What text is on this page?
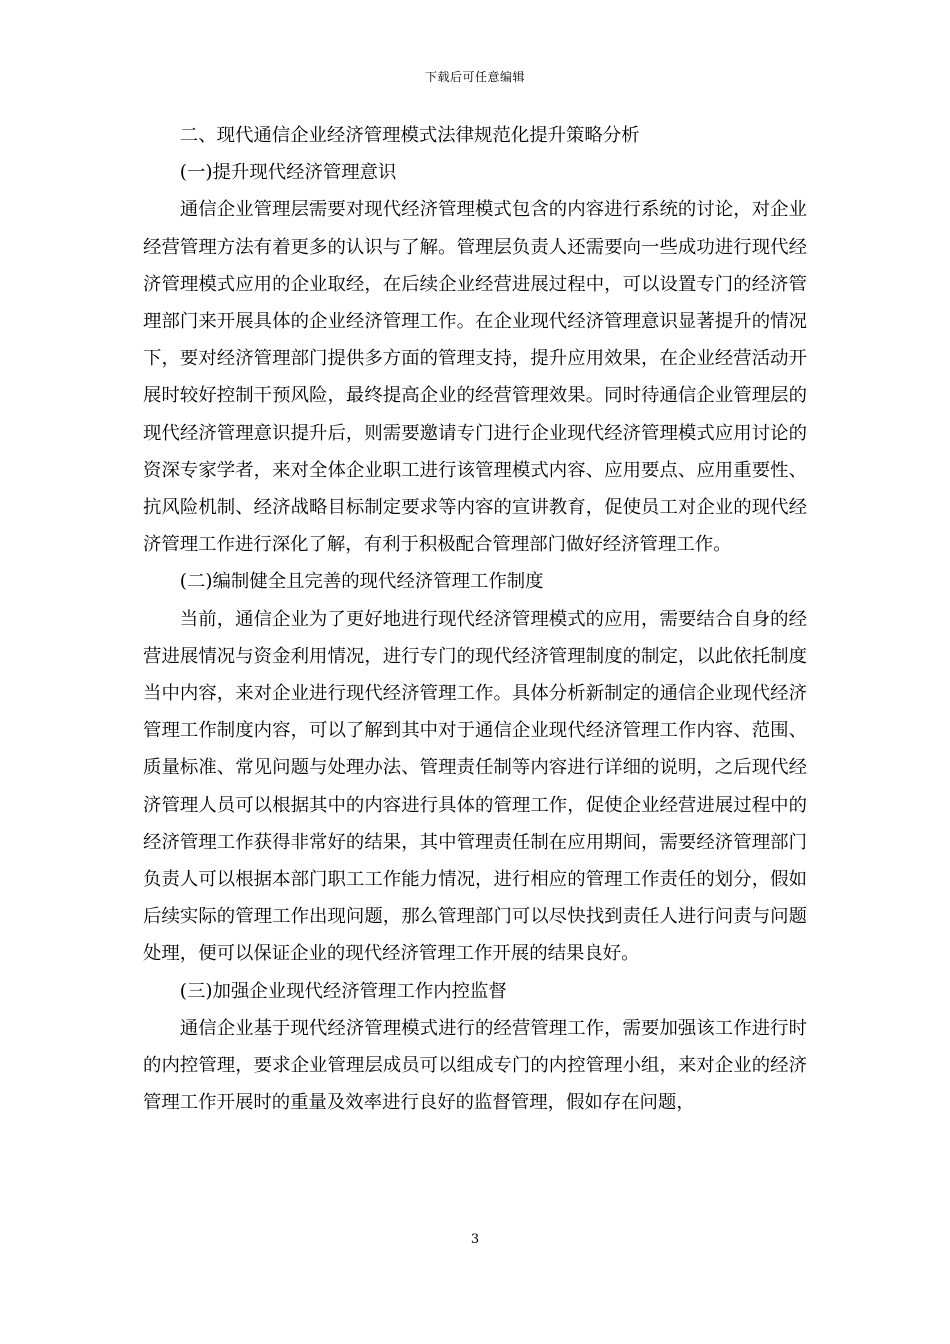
下载后可任意编辑

二、现代通信企业经济管理模式法律规范化提升策略分析

(一)提升现代经济管理意识

通信企业管理层需要对现代经济管理模式包含的内容进行系统的讨论，对企业经营管理方法有着更多的认识与了解。管理层负责人还需要向一些成功进行现代经济管理模式应用的企业取经，在后续企业经营进展过程中，可以设置专门的经济管理部门来开展具体的企业经济管理工作。在企业现代经济管理意识显著提升的情况下，要对经济管理部门提供多方面的管理支持，提升应用效果，在企业经营活动开展时较好控制干预风险，最终提高企业的经营管理效果。同时待通信企业管理层的现代经济管理意识提升后，则需要邀请专门进行企业现代经济管理模式应用讨论的资深专家学者，来对全体企业职工进行该管理模式内容、应用要点、应用重要性、抗风险机制、经济战略目标制定要求等内容的宣讲教育，促使员工对企业的现代经济管理工作进行深化了解，有利于积极配合管理部门做好经济管理工作。

(二)编制健全且完善的现代经济管理工作制度

当前，通信企业为了更好地进行现代经济管理模式的应用，需要结合自身的经营进展情况与资金利用情况，进行专门的现代经济管理制度的制定，以此依托制度当中内容，来对企业进行现代经济管理工作。具体分析新制定的通信企业现代经济管理工作制度内容，可以了解到其中对于通信企业现代经济管理工作内容、范围、质量标准、常见问题与处理办法、管理责任制等内容进行详细的说明，之后现代经济管理人员可以根据其中的内容进行具体的管理工作，促使企业经营进展过程中的经济管理工作获得非常好的结果，其中管理责任制在应用期间，需要经济管理部门负责人可以根据本部门职工工作能力情况，进行相应的管理工作责任的划分，假如后续实际的管理工作出现问题，那么管理部门可以尽快找到责任人进行问责与问题处理，便可以保证企业的现代经济管理工作开展的结果良好。

(三)加强企业现代经济管理工作内控监督

通信企业基于现代经济管理模式进行的经营管理工作，需要加强该工作进行时的内控管理，要求企业管理层成员可以组成专门的内控管理小组，来对企业的经济管理工作开展时的重量及效率进行良好的监督管理，假如存在问题，

3
